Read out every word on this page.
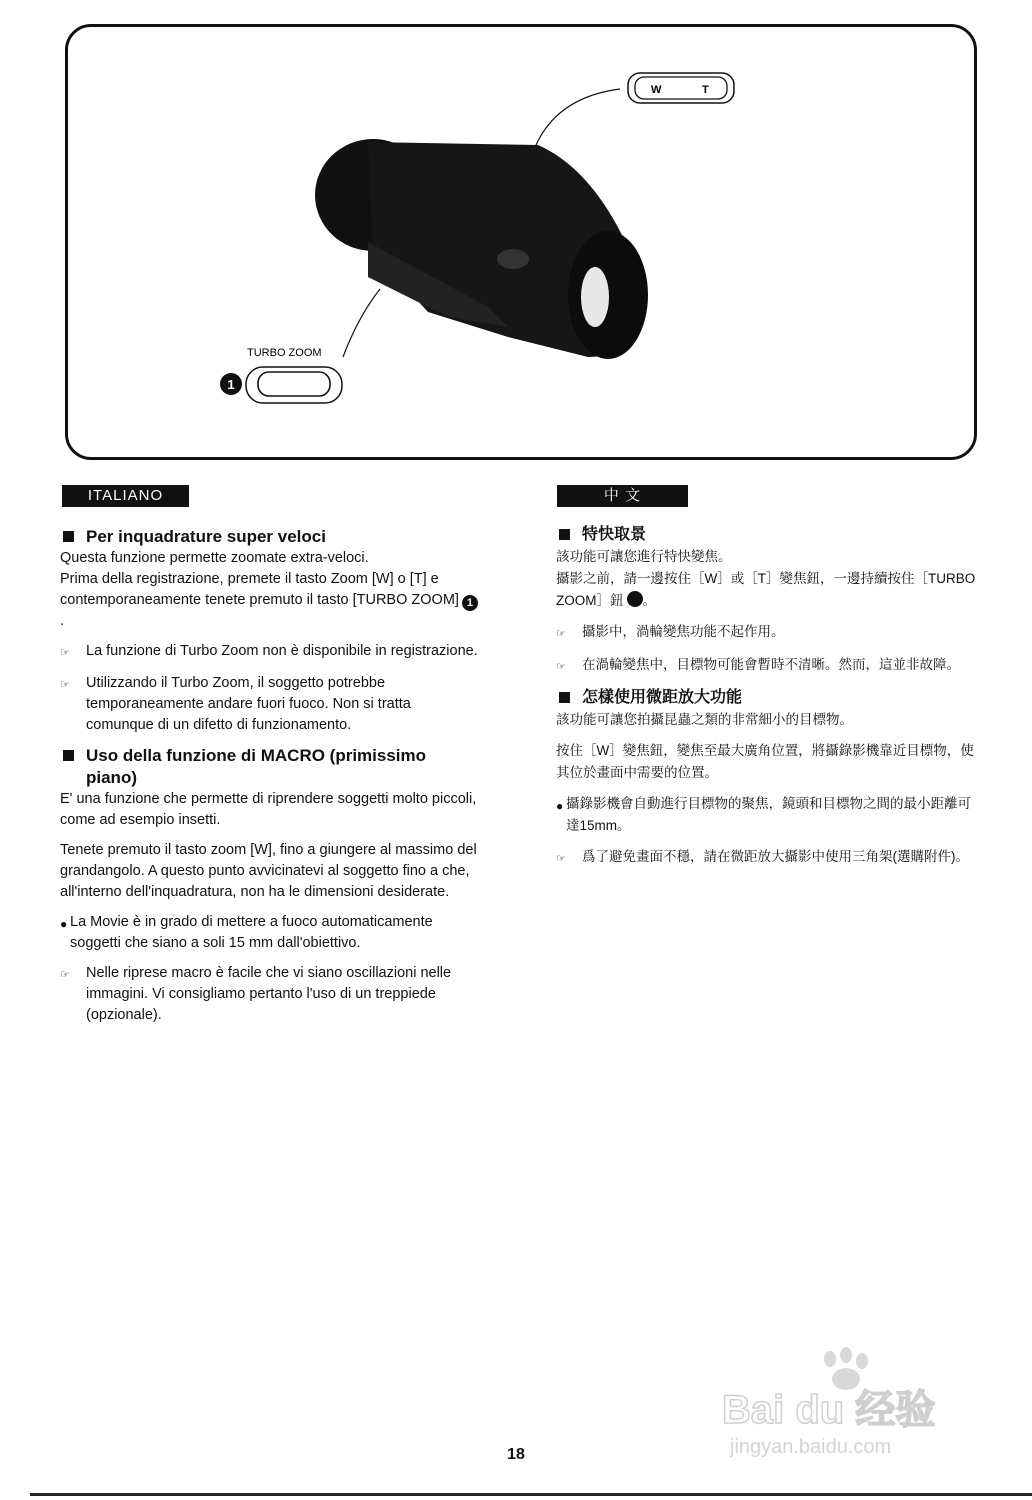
W	T
TURBO ZOOM
1
ITALIANO	中 文
Per inquadrature super veloci

Questa funzione permette zoomate extra-veloci.

Prima della registrazione, premete il tasto Zoom [W] o [T] e contemporaneamente tenete premuto il tasto [TURBO ZOOM] 1.

☞	La funzione di Turbo Zoom non è disponibile in registrazione.
☞	Utilizzando il Turbo Zoom, il soggetto potrebbe temporaneamente andare fuori fuoco. Non si tratta comunque di un difetto di funzionamento.
Uso della funzione di MACRO (primissimo piano)

E' una funzione che permette di riprendere soggetti molto piccoli, come ad esempio insetti.

Tenete premuto il tasto zoom [W], fino a giungere al massimo del grandangolo. A questo punto avvicinatevi al soggetto fino a che, all'interno dell'inquadratura, non ha le dimensioni desiderate.

● La Movie è in grado di mettere a fuoco automaticamente soggetti che siano a soli 15 mm dall'obiettivo.
☞	Nelle riprese macro è facile che vi siano oscillazioni nelle immagini. Vi consigliamo pertanto l'uso di un treppiede (opzionale).
特快取景

該功能可讓您進行特快變焦。

攝影之前，請一邊按住［W］或［T］變焦鈕，一邊持續按住［TURBO ZOOM］鈕 。

☞	攝影中，渦輪變焦功能不起作用。
☞	在渦輪變焦中，目標物可能會暫時不清晰。然而，這並非故障。
怎樣使用微距放大功能

該功能可讓您拍攝昆蟲之類的非常細小的目標物。

按住［W］變焦鈕，變焦至最大廣角位置，將攝錄影機靠近目標物，使其位於畫面中需要的位置。

● 攝錄影機會自動進行目標物的聚焦，鏡頭和目標物之間的最小距離可達15mm。
☞	爲了避免畫面不穩，請在微距放大攝影中使用三角架(選購附件)。
Bai du 经验
jingyan.baidu.com
18
